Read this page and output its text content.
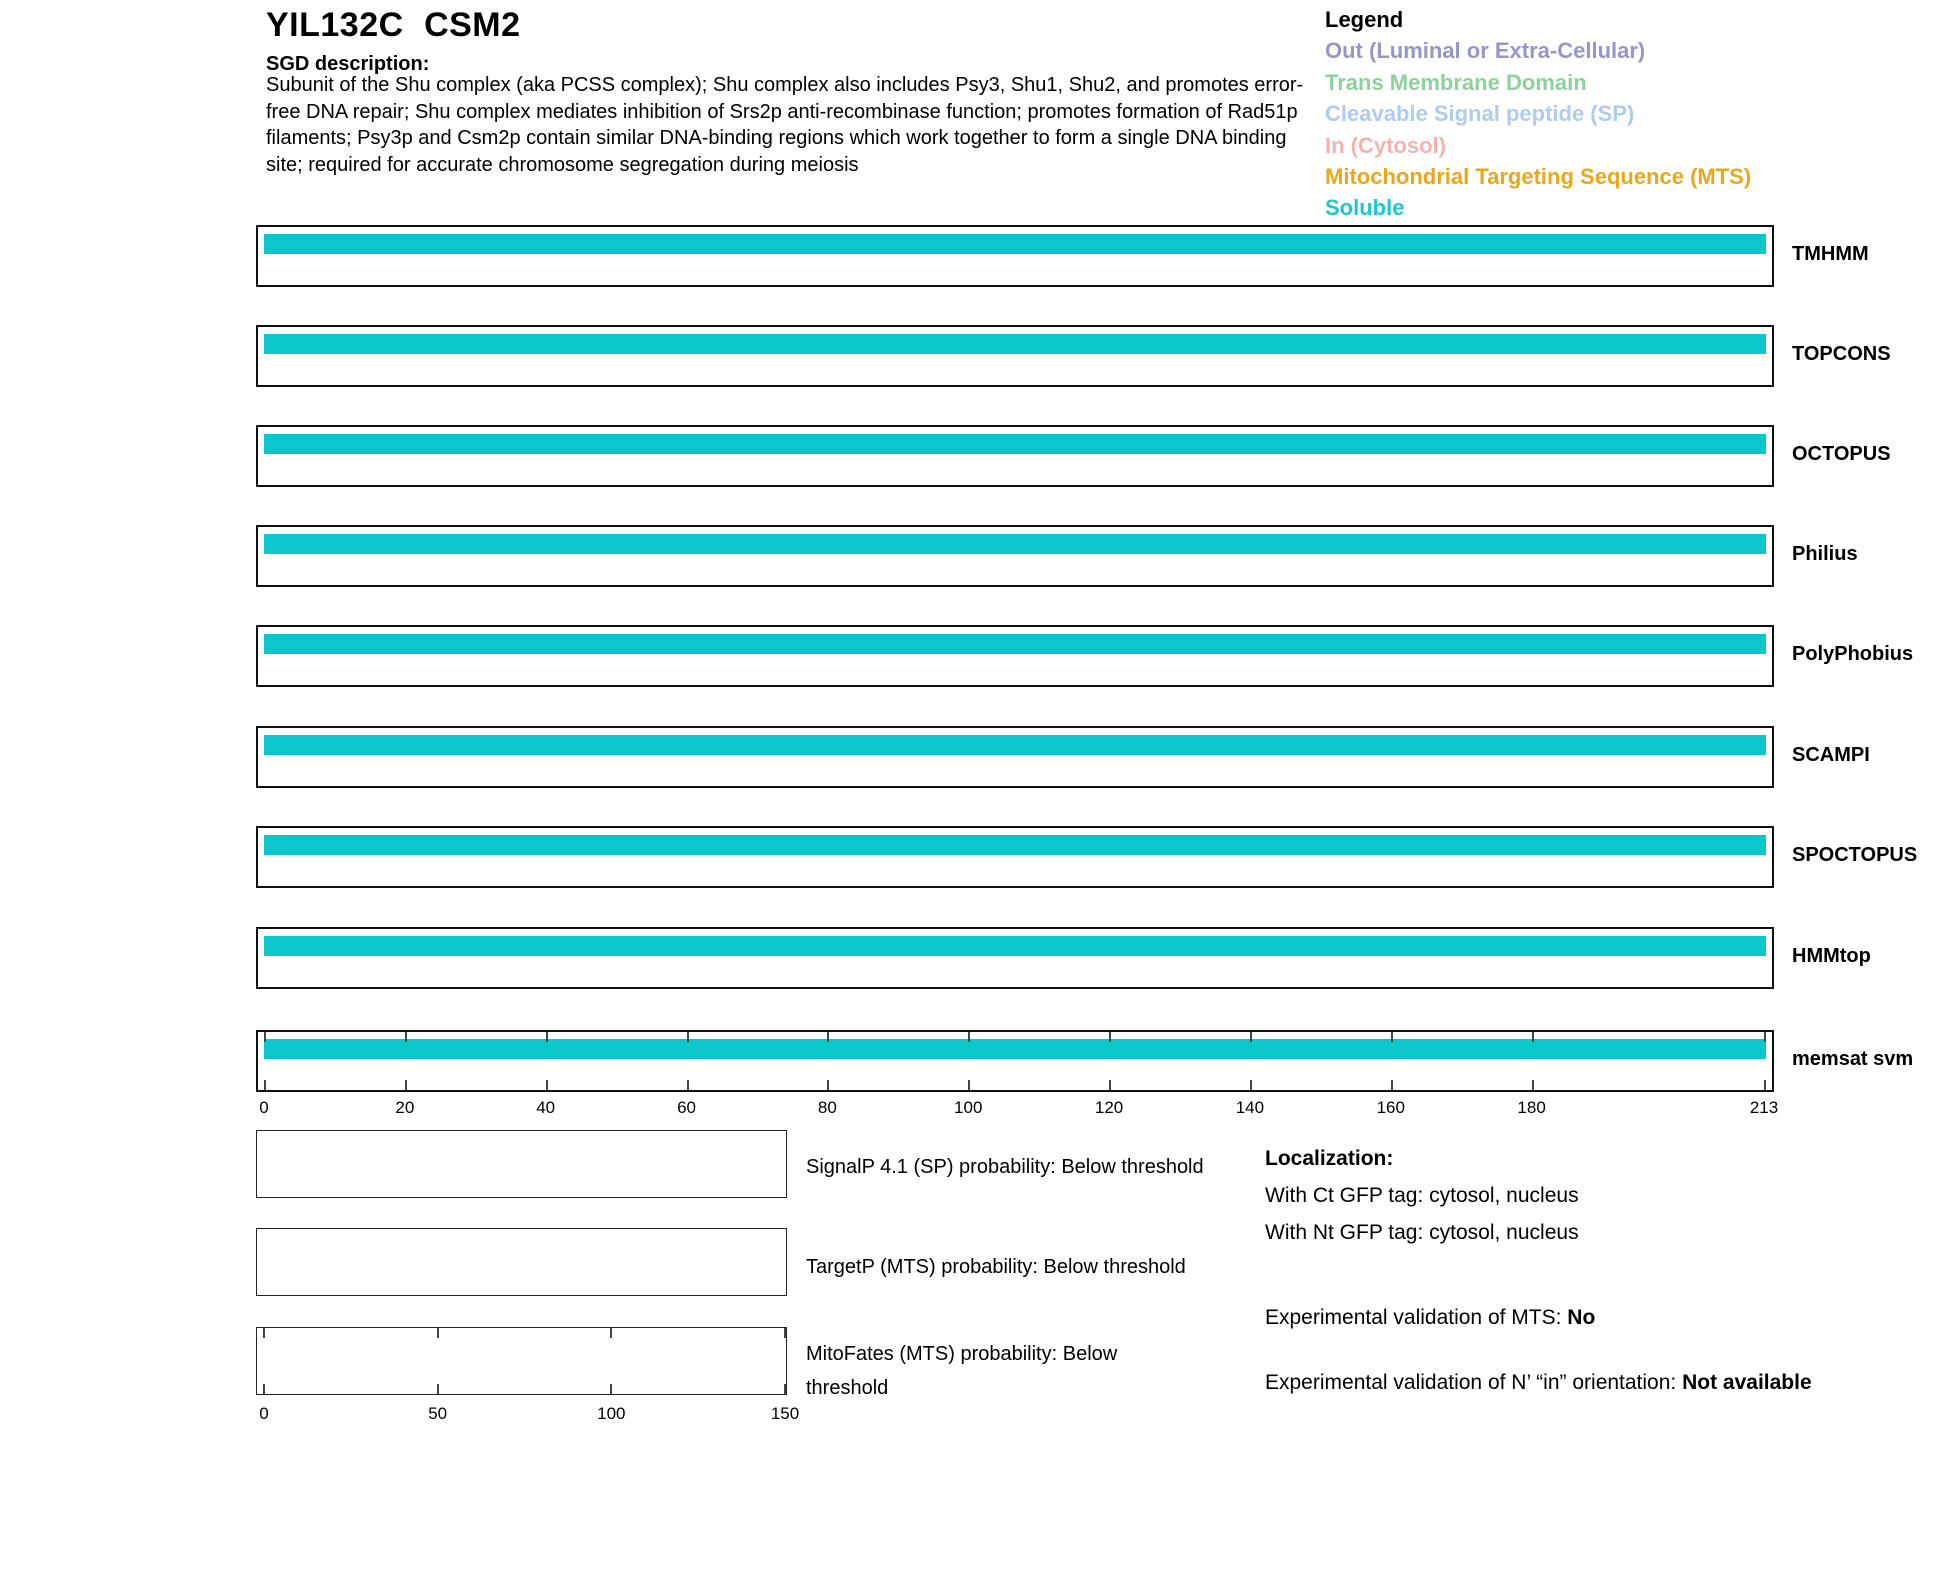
YIL132C CSM2
SGD description:
Subunit of the Shu complex (aka PCSS complex); Shu complex also includes Psy3, Shu1, Shu2, and promotes error-free DNA repair; Shu complex mediates inhibition of Srs2p anti-recombinase function; promotes formation of Rad51p filaments; Psy3p and Csm2p contain similar DNA-binding regions which work together to form a single DNA binding site; required for accurate chromosome segregation during meiosis
Legend
Out (Luminal or Extra-Cellular)
Trans Membrane Domain
Cleavable Signal peptide (SP)
In (Cytosol)
Mitochondrial Targeting Sequence (MTS)
Soluble
TMHMM
TOPCONS
OCTOPUS
Philius
PolyPhobius
SCAMPI
SPOCTOPUS
HMMtop
memsat svm
0	20	40	60	80	100	120	140	160	180	213
SignalP 4.1 (SP) probability: Below threshold
TargetP (MTS) probability: Below threshold
MitoFates (MTS) probability: Below threshold
0	50	100	150
Localization:
With Ct GFP tag: cytosol, nucleus
With Nt GFP tag: cytosol, nucleus
Experimental validation of MTS: No
Experimental validation of N’ “in” orientation: Not available
